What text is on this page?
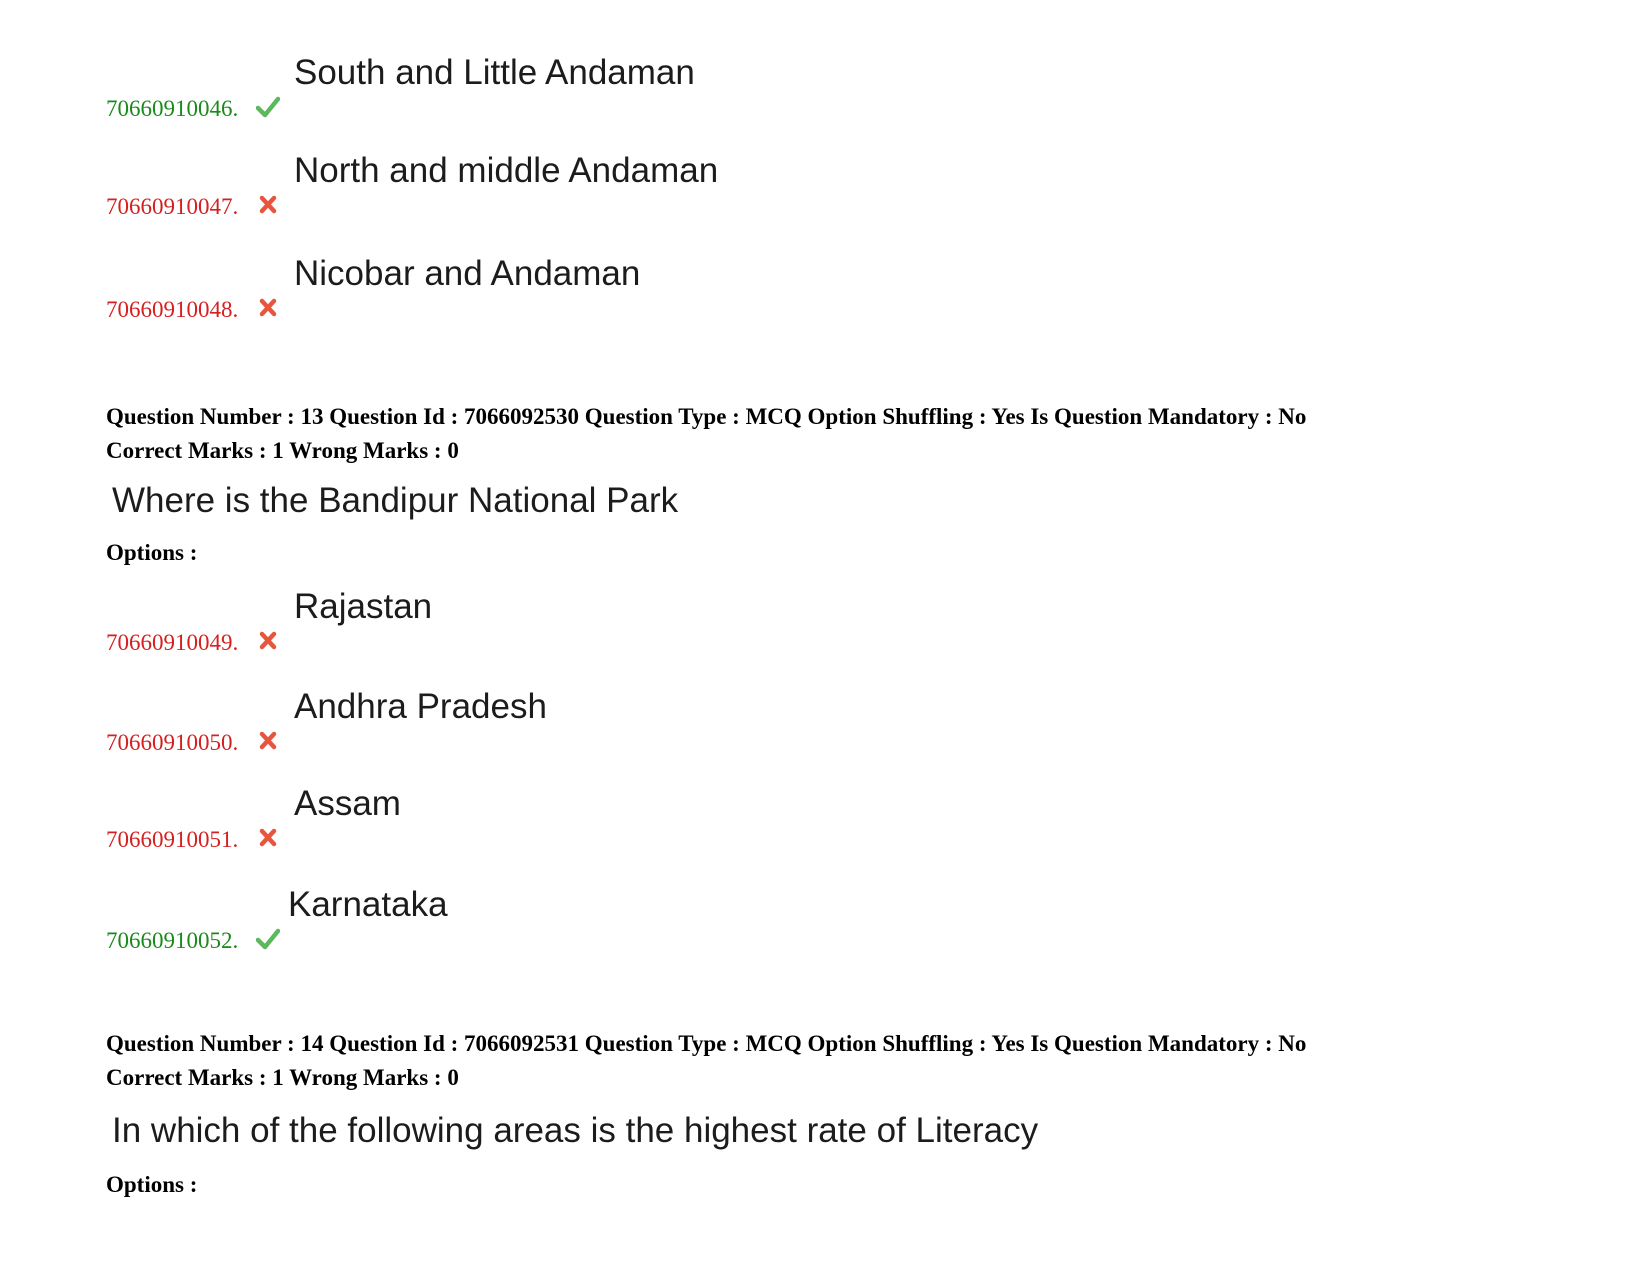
70660910046.
South and Little Andaman
70660910047.
North and middle Andaman
70660910048.
Nicobar and Andaman
Question Number : 13 Question Id : 7066092530 Question Type : MCQ Option Shuffling : Yes Is Question Mandatory : No
Correct Marks : 1 Wrong Marks : 0
Where is the Bandipur National Park
Options :
70660910049.
Rajastan
70660910050.
Andhra Pradesh
70660910051.
Assam
70660910052.
Karnataka
Question Number : 14 Question Id : 7066092531 Question Type : MCQ Option Shuffling : Yes Is Question Mandatory : No
Correct Marks : 1 Wrong Marks : 0
In which of the following areas is the highest rate of Literacy
Options :
